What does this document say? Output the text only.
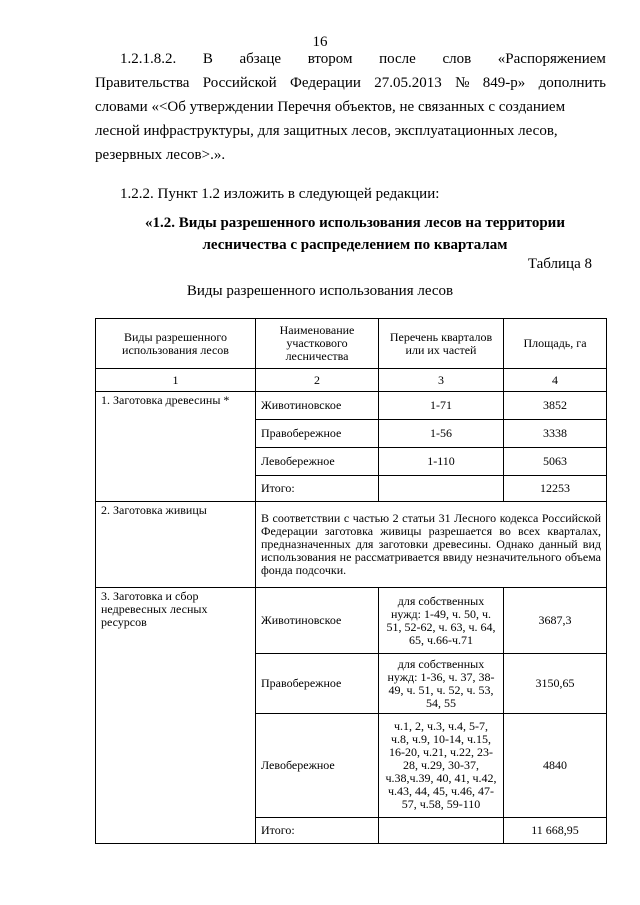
16
1.2.1.8.2. В абзаце втором после слов «Распоряжением
Правительства Российской Федерации 27.05.2013 № 849-р» дополнить
словами «<Об утверждении Перечня объектов, не связанных с созданием
лесной инфраструктуры, для защитных лесов, эксплуатационных лесов,
резервных лесов>.».
1.2.2. Пункт 1.2 изложить в следующей редакции:
«1.2. Виды разрешенного использования лесов на территории
лесничества с распределением по кварталам
Таблица 8
Виды разрешенного использования лесов
Виды разрешенного использования лесов	Наименование участкового лесничества	Перечень кварталов или их частей	Площадь, га
1	2	3	4
1. Заготовка древесины *	Животиновское	1-71	3852
	Правобережное	1-56	3338
	Левобережное	1-110	5063
	Итого:		12253
2. Заготовка живицы	В соответствии с частью 2 статьи 31 Лесного кодекса Российской Федерации заготовка живицы разрешается во всех кварталах, предназначенных для заготовки древесины. Однако данный вид использования не рассматривается ввиду незначительного объема фонда подсочки.		
3. Заготовка и сбор недревесных лесных ресурсов	Животиновское	для собственных нужд: 1-49, ч. 50, ч. 51, 52-62, ч. 63, ч. 64, 65, ч.66-ч.71	3687,3
	Правобережное	для собственных нужд: 1-36, ч. 37, 38-49, ч. 51, ч. 52, ч. 53, 54, 55	3150,65
	Левобережное	ч.1, 2, ч.3, ч.4, 5-7, ч.8, ч.9, 10-14, ч.15, 16-20, ч.21, ч.22, 23-28, ч.29, 30-37, ч.38,ч.39, 40, 41, ч.42, ч.43, 44, 45, ч.46, 47-57, ч.58, 59-110	4840
	Итого:		11 668,95
